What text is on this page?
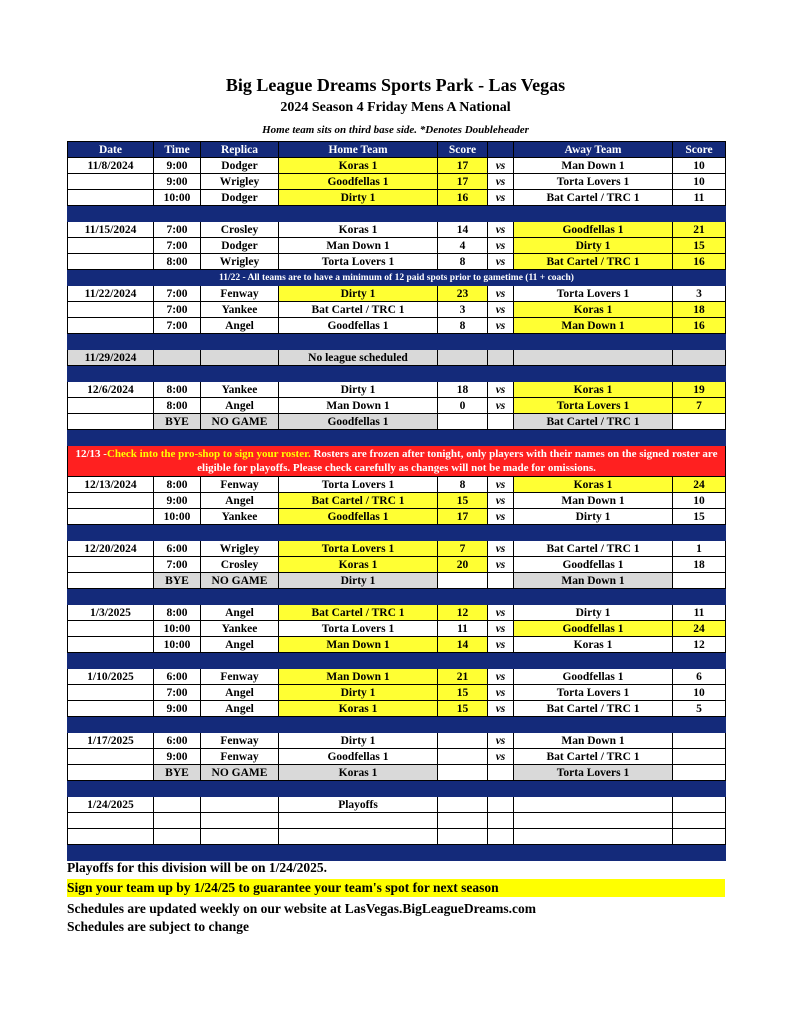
Big League Dreams Sports Park - Las Vegas
2024 Season 4 Friday Mens A National
Home team sits on third base side. *Denotes Doubleheader
Date	Time	Replica	Home Team	Score		Away Team	Score
11/8/2024	9:00	Dodger	Koras 1	17	vs	Man Down 1	10
	9:00	Wrigley	Goodfellas 1	17	vs	Torta Lovers 1	10
	10:00	Dodger	Dirty 1	16	vs	Bat Cartel / TRC 1	11

11/15/2024	7:00	Crosley	Koras 1	14	vs	Goodfellas 1	21
	7:00	Dodger	Man Down 1	4	vs	Dirty 1	15
	8:00	Wrigley	Torta Lovers 1	8	vs	Bat Cartel / TRC 1	16
11/22 - All teams are to have a minimum of 12 paid spots prior to gametime (11 + coach)							
11/22/2024	7:00	Fenway	Dirty 1	23	vs	Torta Lovers 1	3
	7:00	Yankee	Bat Cartel / TRC 1	3	vs	Koras 1	18
	7:00	Angel	Goodfellas 1	8	vs	Man Down 1	16

11/29/2024			No league scheduled				

12/6/2024	8:00	Yankee	Dirty 1	18	vs	Koras 1	19
	8:00	Angel	Man Down 1	0	vs	Torta Lovers 1	7
	BYE	NO GAME	Goodfellas 1			Bat Cartel / TRC 1	

12/13 -Check into the pro-shop to sign your roster. Rosters are frozen after tonight, only players with their names on the signed roster are eligible for playoffs. Please check carefully as changes will not be made for omissions.							
12/13/2024	8:00	Fenway	Torta Lovers 1	8	vs	Koras 1	24
	9:00	Angel	Bat Cartel / TRC 1	15	vs	Man Down 1	10
	10:00	Yankee	Goodfellas 1	17	vs	Dirty 1	15

12/20/2024	6:00	Wrigley	Torta Lovers 1	7	vs	Bat Cartel / TRC 1	1
	7:00	Crosley	Koras 1	20	vs	Goodfellas 1	18
	BYE	NO GAME	Dirty 1			Man Down 1	

1/3/2025	8:00	Angel	Bat Cartel / TRC 1	12	vs	Dirty 1	11
	10:00	Yankee	Torta Lovers 1	11	vs	Goodfellas 1	24
	10:00	Angel	Man Down 1	14	vs	Koras 1	12

1/10/2025	6:00	Fenway	Man Down 1	21	vs	Goodfellas 1	6
	7:00	Angel	Dirty 1	15	vs	Torta Lovers 1	10
	9:00	Angel	Koras 1	15	vs	Bat Cartel / TRC 1	5

1/17/2025	6:00	Fenway	Dirty 1		vs	Man Down 1	
	9:00	Fenway	Goodfellas 1		vs	Bat Cartel / TRC 1	
	BYE	NO GAME	Koras 1			Torta Lovers 1	

1/24/2025			Playoffs				

Playoffs for this division will be on 1/24/2025.
Sign your team up by 1/24/25 to guarantee your team's spot for next season
Schedules are updated weekly on our website at LasVegas.BigLeagueDreams.com
Schedules are subject to change
